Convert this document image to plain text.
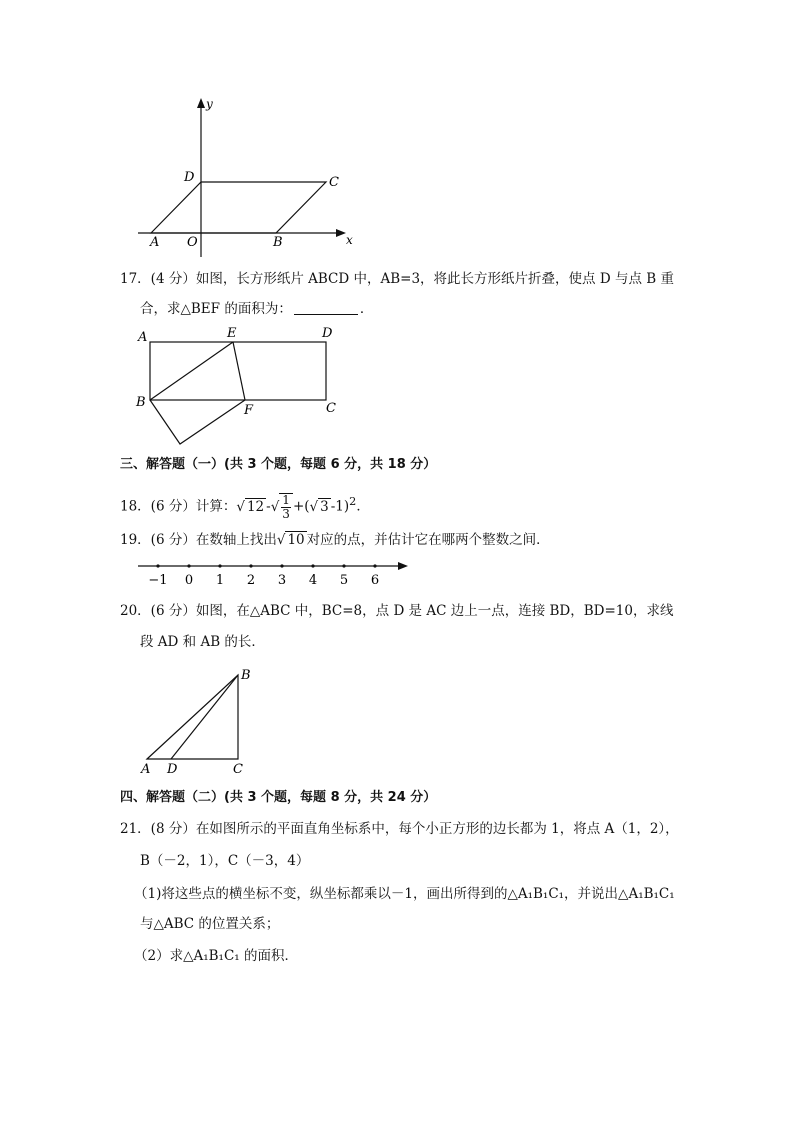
y
x
D	C
A O	B
17．(4 分）如图，长方形纸片 ABCD 中，AB=3，将此长方形纸片折叠，使点 D 与点 B 重
合，求△BEF 的面积为：	．
A	E	D
B
F	C
三、解答题（一）(共 3 个题，每题 6 分，共 18 分）
18．(6 分）计算：√ 12 -√ $\frac{1}{3}$ +(√ 3 -1)$^2$．
19．(6 分）在数轴上找出√ 10 对应的点，并估计它在哪两个整数之间．
−1 0 1 2 3 4 5 6
20．(6 分）如图，在△ABC 中，BC=8，点 D 是 AC 边上一点，连接 BD，BD=10，求线
段 AD 和 AB 的长．
B
A D	C
四、解答题（二）(共 3 个题，每题 8 分，共 24 分）
21．(8 分）在如图所示的平面直角坐标系中，每个小正方形的边长都为 1，将点 A（1，2），
B（－2，1），C（－3，4）
（1)将这些点的横坐标不变，纵坐标都乘以－1，画出所得到的△A₁B₁C₁，并说出△A₁B₁C₁
与△ABC 的位置关系；
（2）求△A₁B₁C₁ 的面积．
